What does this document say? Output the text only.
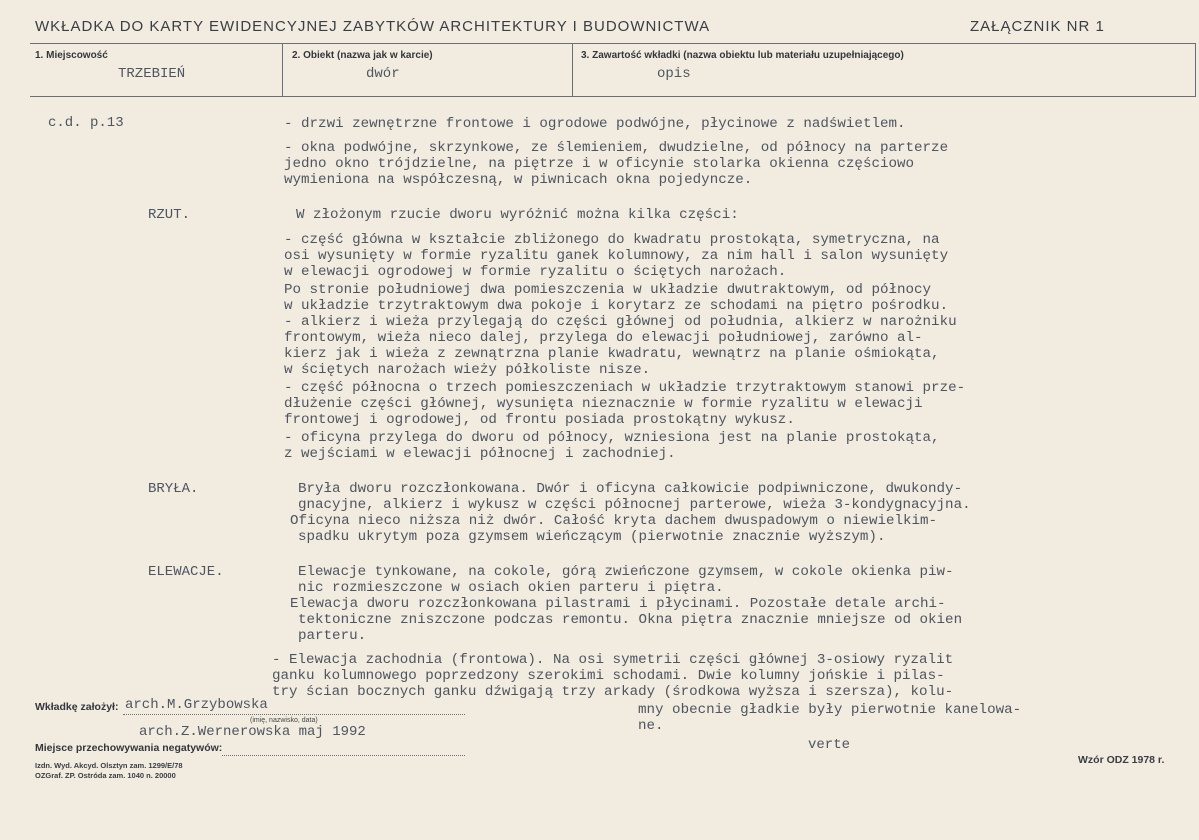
WKŁADKA DO KARTY EWIDENCYJNEJ ZABYTKÓW ARCHITEKTURY I BUDOWNICTWA	ZAŁĄCZNIK NR 1
1. Miejscowość
TRZEBIEŃ
2. Obiekt (nazwa jak w karcie)
dwór
3. Zawartość wkładki (nazwa obiektu lub materiału uzupełniającego)
opis
c.d. p.13	- drzwi zewnętrzne frontowe i ogrodowe podwójne, płycinowe z nadświetlem.
- okna podwójne, skrzynkowe, ze ślemieniem, dwudzielne, od północy na parterze
jedno okno trójdzielne, na piętrze i w oficynie stolarka okienna częściowo
wymieniona na współczesną, w piwnicach okna pojedyncze.
RZUT.	W złożonym rzucie dworu wyróżnić można kilka części:
- część główna w kształcie zbliżonego do kwadratu prostokąta, symetryczna, na
osi wysunięty w formie ryzalitu ganek kolumnowy, za nim hall i salon wysunięty
w elewacji ogrodowej w formie ryzalitu o ściętych narożach.
Po stronie południowej dwa pomieszczenia w układzie dwutraktowym, od północy
w układzie trzytraktowym dwa pokoje i korytarz ze schodami na piętro pośrodku.
- alkierz i wieża przylegają do części głównej od południa, alkierz w narożniku
frontowym, wieża nieco dalej, przylega do elewacji południowej, zarówno al-
kierz jak i wieża z zewnątrzna planie kwadratu, wewnątrz na planie ośmiokąta,
w ściętych narożach wieży półkoliste nisze.
- część północna o trzech pomieszczeniach w układzie trzytraktowym stanowi prze-
dłużenie części głównej, wysunięta nieznacznie w formie ryzalitu w elewacji
frontowej i ogrodowej, od frontu posiada prostokątny wykusz.
- oficyna przylega do dworu od północy, wzniesiona jest na planie prostokąta,
z wejściami w elewacji północnej i zachodniej.
BRYŁA.	Bryła dworu rozczłonkowana. Dwór i oficyna całkowicie podpiwniczone, dwukondy-
gnacyjne, alkierz i wykusz w części północnej parterowe, wieża 3-kondygnacyjna.
Oficyna nieco niższa niż dwór. Całość kryta dachem dwuspadowym o niewielkim-
spadku ukrytym poza gzymsem wieńczącym (pierwotnie znacznie wyższym).
ELEWACJE.	Elewacje tynkowane, na cokole, górą zwieńczone gzymsem, w cokole okienka piw-
nic rozmieszczone w osiach okien parteru i piętra.
Elewacja dworu rozczłonkowana pilastrami i płycinami. Pozostałe detale archi-
tektoniczne zniszczone podczas remontu. Okna piętra znacznie mniejsze od okien
parteru.
- Elewacja zachodnia (frontowa). Na osi symetrii części głównej 3-osiowy ryzalit
ganku kolumnowego poprzedzony szerokimi schodami. Dwie kolumny jońskie i pilas-
try ścian bocznych ganku dźwigają trzy arkady (środkowa wyższa i szersza), kolu-
mny obecnie gładkie były pierwotnie kanelowa-
ne.
verte
Wkładkę założył: arch.M.Grzybowska
(imię, nazwisko, data)
arch.Z.Wernerowska maj 1992
Miejsce przechowywania negatywów:
Izdn. Wyd. Akcyd. Olsztyn zam. 1299/E/78
OZGraf. ZP. Ostróda zam. 1040 n. 20000
Wzór ODZ 1978 r.
